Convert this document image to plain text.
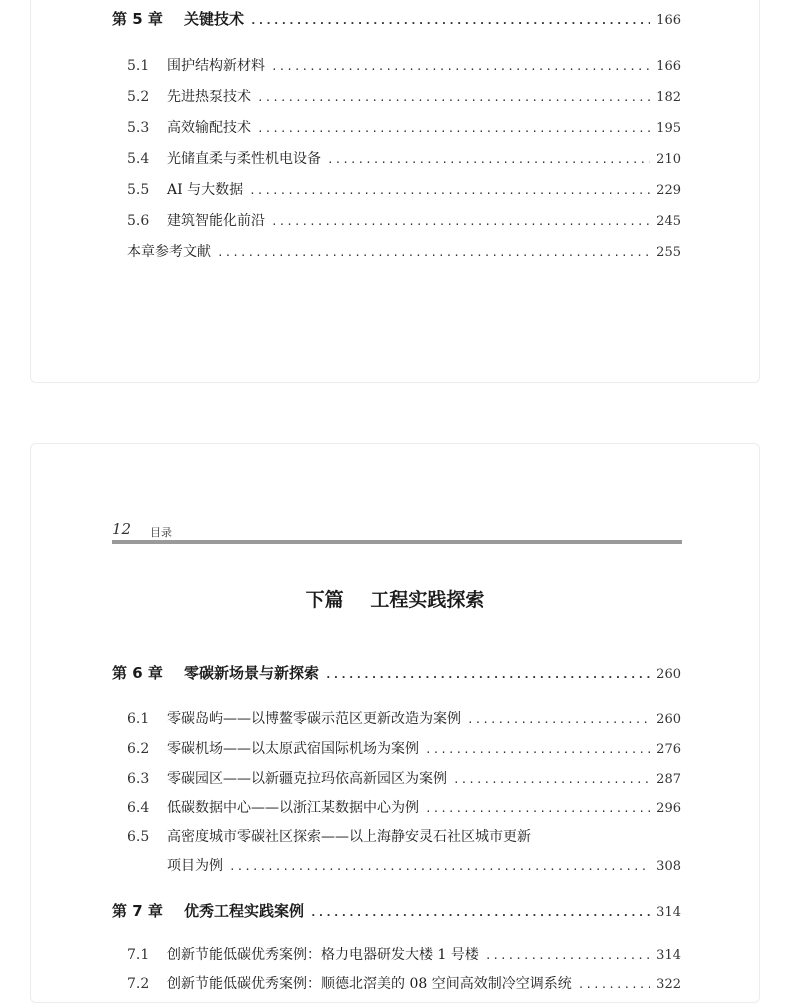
第 5 章	关键技术 .....	166
5.1	围护结构新材料 .....	166
5.2	先进热泵技术 .....	182
5.3	高效输配技术 .....	195
5.4	光储直柔与柔性机电设备 .....	210
5.5	AI 与大数据 .....	229
5.6	建筑智能化前沿 .....	245
本章参考文献 .....	255
12 目录
下篇 工程实践探索
第 6 章	零碳新场景与新探索 .....	260
6.1	零碳岛屿——以博鳌零碳示范区更新改造为案例 .....	260
6.2	零碳机场——以太原武宿国际机场为案例 .....	276
6.3	零碳园区——以新疆克拉玛依高新园区为案例 .....	287
6.4	低碳数据中心——以浙江某数据中心为例 .....	296
6.5	高密度城市零碳社区探索——以上海静安灵石社区城市更新
项目为例 .....	308
第 7 章	优秀工程实践案例 .....	314
7.1	创新节能低碳优秀案例：格力电器研发大楼 1 号楼 .....	314
7.2	创新节能低碳优秀案例：顺德北滘美的 08 空间高效制冷空调系统 .....	322
